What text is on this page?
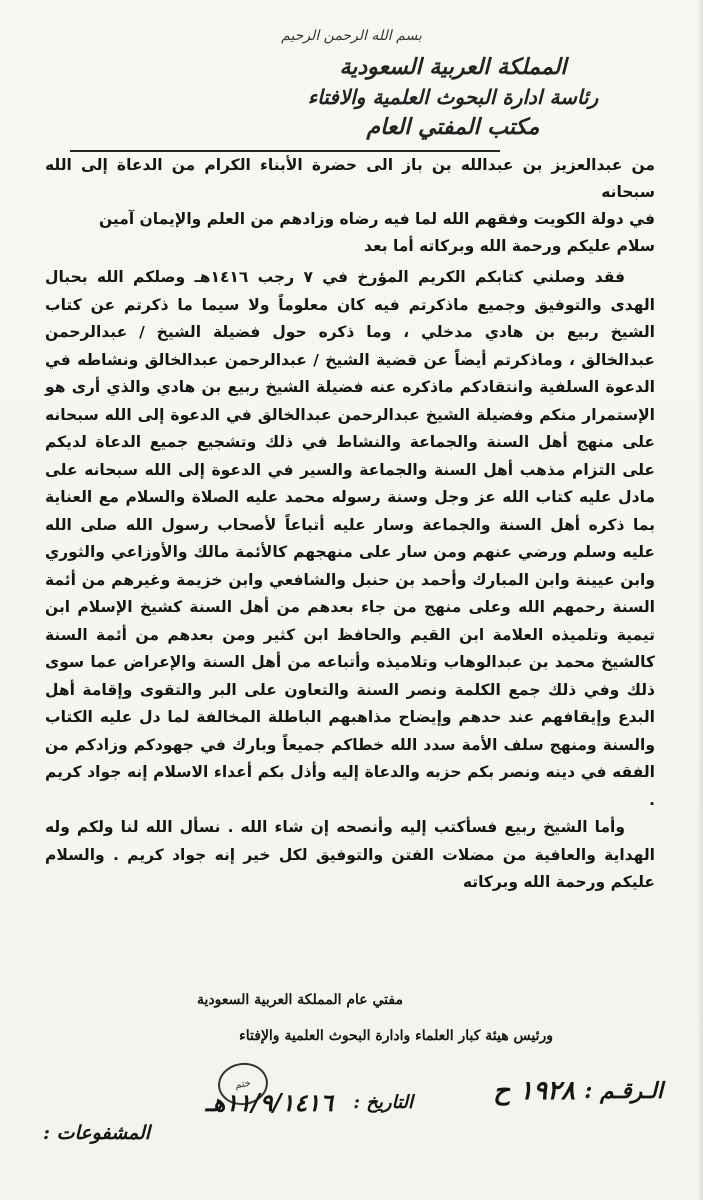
بسم الله الرحمن الرحيم
المملكة العربية السعودية
رئاسة ادارة البحوث العلمية والافتاء
مكتب المفتي العام

من عبدالعزيز بن عبدالله بن باز الى حضرة الأبناء الكرام من الدعاة إلى الله سبحانه

في دولة الكويت وفقهم الله لما فيه رضاه وزادهم من العلم والإيمان آمين

سلام عليكم ورحمة الله وبركاته أما بعد

فقد وصلني كتابكم الكريم المؤرخ في ٧ رجب ١٤١٦هـ وصلكم الله بحبال الهدى والتوفيق وجميع ماذكرتم فيه كان معلوماً ولا سيما ما ذكرتم عن كتاب الشيخ ربيع بن هادي مدخلي ، وما ذكره حول فضيلة الشيخ / عبدالرحمن عبدالخالق ، وماذكرتم أيضاً عن قضية الشيخ / عبدالرحمن عبدالخالق ونشاطه في الدعوة السلفية وانتقادكم ماذكره عنه فضيلة الشيخ ربيع بن هادي والذي أرى هو الإستمرار منكم وفضيلة الشيخ عبدالرحمن عبدالخالق في الدعوة إلى الله سبحانه على منهج أهل السنة والجماعة والنشاط في ذلك وتشجيع جميع الدعاة لديكم على التزام مذهب أهل السنة والجماعة والسير في الدعوة إلى الله سبحانه على مادل عليه كتاب الله عز وجل وسنة رسوله محمد عليه الصلاة والسلام مع العناية بما ذكره أهل السنة والجماعة وسار عليه أتباعاً لأصحاب رسول الله صلى الله عليه وسلم ورضي عنهم ومن سار على منهجهم كالأئمة مالك والأوزاعي والثوري وابن عيينة وابن المبارك وأحمد بن حنبل والشافعي وابن خزيمة وغيرهم من أئمة السنة رحمهم الله وعلى منهج من جاء بعدهم من أهل السنة كشيخ الإسلام ابن تيمية وتلميذه العلامة ابن القيم والحافظ ابن كثير ومن بعدهم من أئمة السنة كالشيخ محمد بن عبدالوهاب وتلاميذه وأتباعه من أهل السنة والإعراض عما سوى ذلك وفي ذلك جمع الكلمة ونصر السنة والتعاون على البر والتقوى وإقامة أهل البدع وإيقافهم عند حدهم وإيضاح مذاهبهم الباطلة المخالفة لما دل عليه الكتاب والسنة ومنهج سلف الأمة سدد الله خطاكم جميعاً وبارك في جهودكم وزادكم من الفقه في دينه ونصر بكم حزبه والدعاة إليه وأذل بكم أعداء الاسلام إنه جواد كريم .

وأما الشيخ ربيع فسأكتب إليه وأنصحه إن شاء الله . نسأل الله لنا ولكم وله الهداية والعافية من مضلات الفتن والتوفيق لكل خير إنه جواد كريم . والسلام عليكم ورحمة الله وبركاته

مفتي عام المملكة العربية السعودية
ورئيس هيئة كبار العلماء وادارة البحوث العلمية والإفتاء
ختم	الـرقـم :
١٩٢٨ ح
التاريخ :
١١/٩/١٤١٦هـ
المشفوعات :
